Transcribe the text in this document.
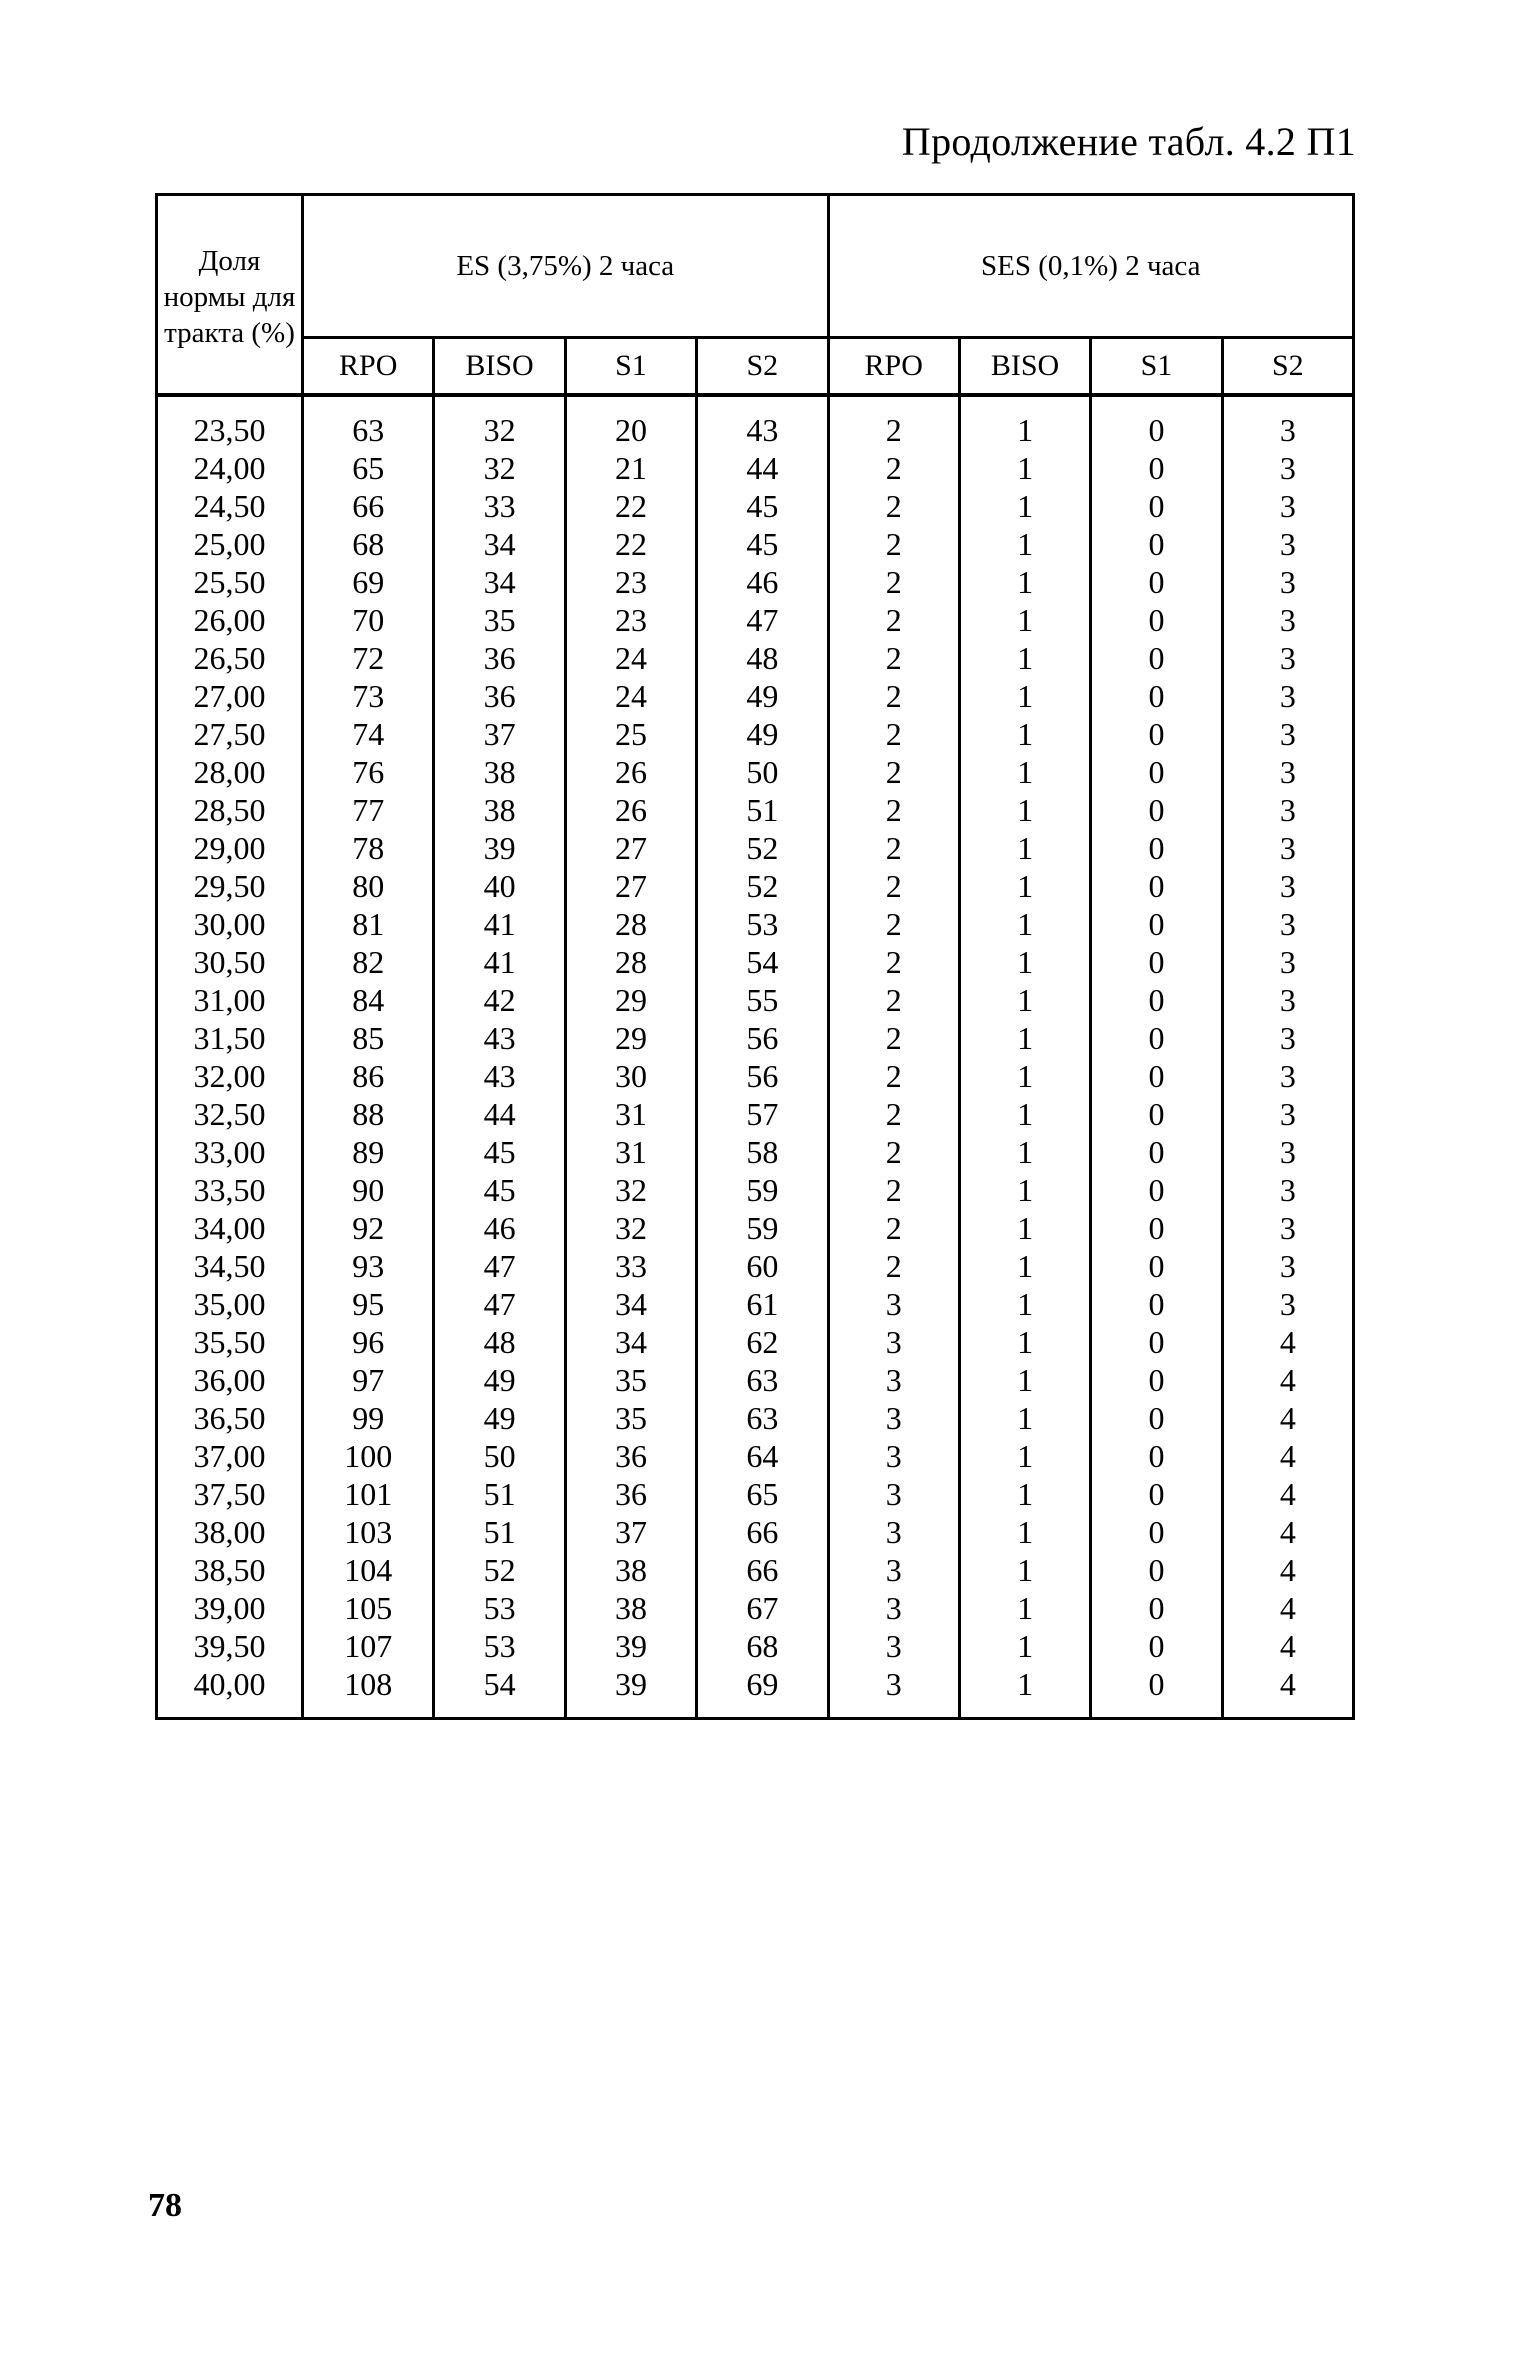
Продолжение табл. 4.2 П1
Доля нормы для тракта (%)	ES (3,75%) 2 часа				SES (0,1%) 2 часа			
	RPO	BISO	S1	S2	RPO	BISO	S1	S2
23,50	63	32	20	43	2	1	0	3
24,00	65	32	21	44	2	1	0	3
24,50	66	33	22	45	2	1	0	3
25,00	68	34	22	45	2	1	0	3
25,50	69	34	23	46	2	1	0	3
26,00	70	35	23	47	2	1	0	3
26,50	72	36	24	48	2	1	0	3
27,00	73	36	24	49	2	1	0	3
27,50	74	37	25	49	2	1	0	3
28,00	76	38	26	50	2	1	0	3
28,50	77	38	26	51	2	1	0	3
29,00	78	39	27	52	2	1	0	3
29,50	80	40	27	52	2	1	0	3
30,00	81	41	28	53	2	1	0	3
30,50	82	41	28	54	2	1	0	3
31,00	84	42	29	55	2	1	0	3
31,50	85	43	29	56	2	1	0	3
32,00	86	43	30	56	2	1	0	3
32,50	88	44	31	57	2	1	0	3
33,00	89	45	31	58	2	1	0	3
33,50	90	45	32	59	2	1	0	3
34,00	92	46	32	59	2	1	0	3
34,50	93	47	33	60	2	1	0	3
35,00	95	47	34	61	3	1	0	3
35,50	96	48	34	62	3	1	0	4
36,00	97	49	35	63	3	1	0	4
36,50	99	49	35	63	3	1	0	4
37,00	100	50	36	64	3	1	0	4
37,50	101	51	36	65	3	1	0	4
38,00	103	51	37	66	3	1	0	4
38,50	104	52	38	66	3	1	0	4
39,00	105	53	38	67	3	1	0	4
39,50	107	53	39	68	3	1	0	4
40,00	108	54	39	69	3	1	0	4
78
